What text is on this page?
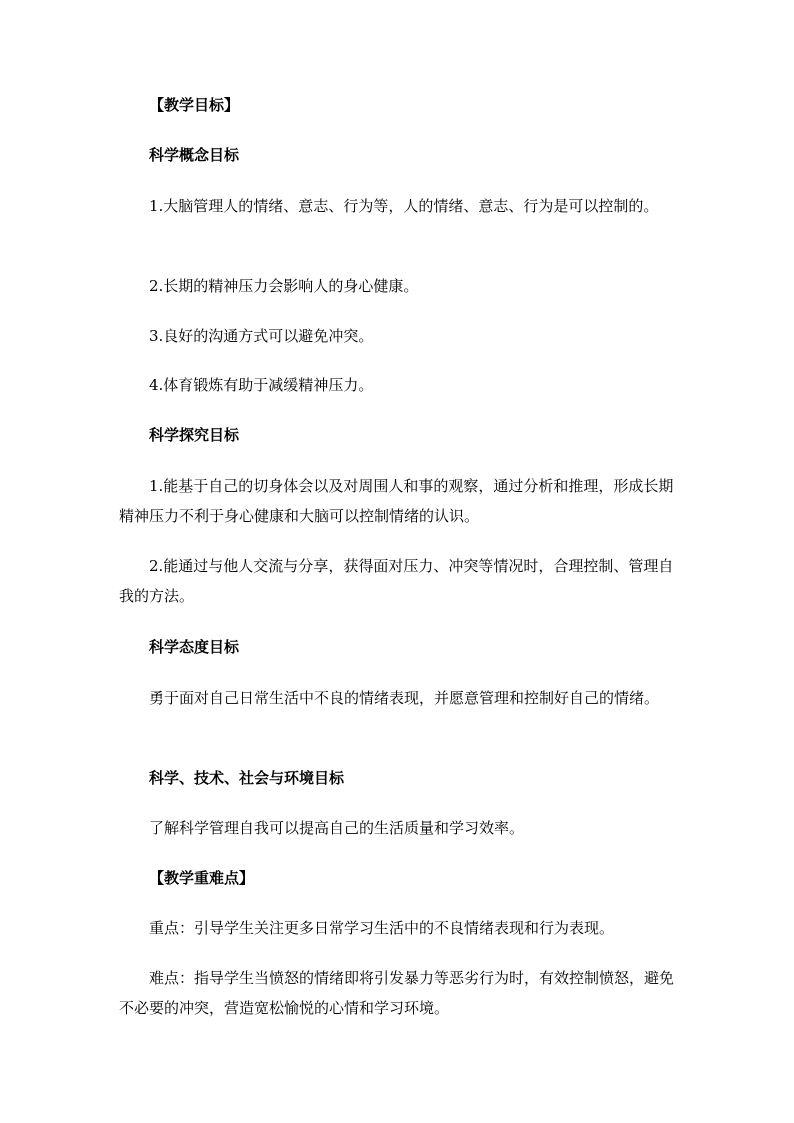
【教学目标】

科学概念目标

1.大脑管理人的情绪、意志、行为等，人的情绪、意志、行为是可以控制的。

2.长期的精神压力会影响人的身心健康。

3.良好的沟通方式可以避免冲突。

4.体育锻炼有助于减缓精神压力。

科学探究目标

1.能基于自己的切身体会以及对周围人和事的观察，通过分析和推理，形成长期精神压力不利于身心健康和大脑可以控制情绪的认识。

2.能通过与他人交流与分享，获得面对压力、冲突等情况时，合理控制、管理自我的方法。

科学态度目标

勇于面对自己日常生活中不良的情绪表现，并愿意管理和控制好自己的情绪。

科学、技术、社会与环境目标

了解科学管理自我可以提高自己的生活质量和学习效率。

【教学重难点】

重点：引导学生关注更多日常学习生活中的不良情绪表现和行为表现。

难点：指导学生当愤怒的情绪即将引发暴力等恶劣行为时，有效控制愤怒，避免不必要的冲突，营造宽松愉悦的心情和学习环境。
